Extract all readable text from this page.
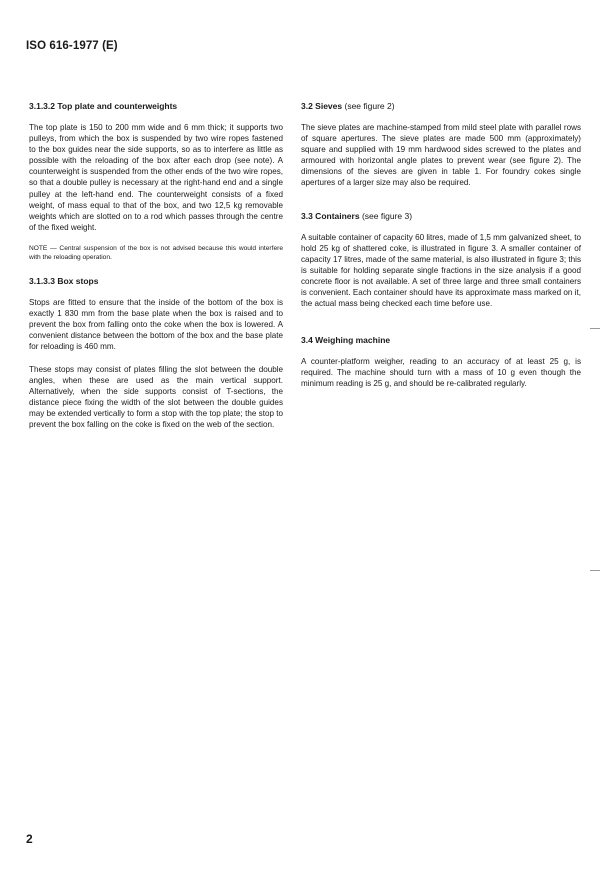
ISO 616-1977 (E)
3.1.3.2 Top plate and counterweights

The top plate is 150 to 200 mm wide and 6 mm thick; it supports two pulleys, from which the box is suspended by two wire ropes fastened to the box guides near the side supports, so as to interfere as little as possible with the reloading of the box after each drop (see note). A counterweight is suspended from the other ends of the two wire ropes, so that a double pulley is necessary at the right-hand end and a single pulley at the left-hand end. The counterweight consists of a fixed weight, of mass equal to that of the box, and two 12,5 kg removable weights which are slotted on to a rod which passes through the centre of the fixed weight.

NOTE — Central suspension of the box is not advised because this would interfere with the reloading operation.

3.1.3.3 Box stops

Stops are fitted to ensure that the inside of the bottom of the box is exactly 1 830 mm from the base plate when the box is raised and to prevent the box from falling onto the coke when the box is lowered. A convenient distance between the bottom of the box and the base plate for reloading is 460 mm.

These stops may consist of plates filling the slot between the double angles, when these are used as the main vertical support. Alternatively, when the side supports consist of T-sections, the distance piece fixing the width of the slot between the double guides may be extended vertically to form a stop with the top plate; the stop to prevent the box falling on the coke is fixed on the web of the section.

3.2 Sieves (see figure 2)

The sieve plates are machine-stamped from mild steel plate with parallel rows of square apertures. The sieve plates are made 500 mm (approximately) square and supplied with 19 mm hardwood sides screwed to the plates and armoured with horizontal angle plates to prevent wear (see figure 2). The dimensions of the sieves are given in table 1. For foundry cokes single apertures of a larger size may also be required.

3.3 Containers (see figure 3)

A suitable container of capacity 60 litres, made of 1,5 mm galvanized sheet, to hold 25 kg of shattered coke, is illustrated in figure 3. A smaller container of capacity 17 litres, made of the same material, is also illustrated in figure 3; this is suitable for holding separate single fractions in the size analysis if a good concrete floor is not available. A set of three large and three small containers is convenient. Each container should have its approximate mass marked on it, the actual mass being checked each time before use.

3.4 Weighing machine

A counter-platform weigher, reading to an accuracy of at least 25 g, is required. The machine should turn with a mass of 10 g even though the minimum reading is 25 g, and should be re-calibrated regularly.

2
